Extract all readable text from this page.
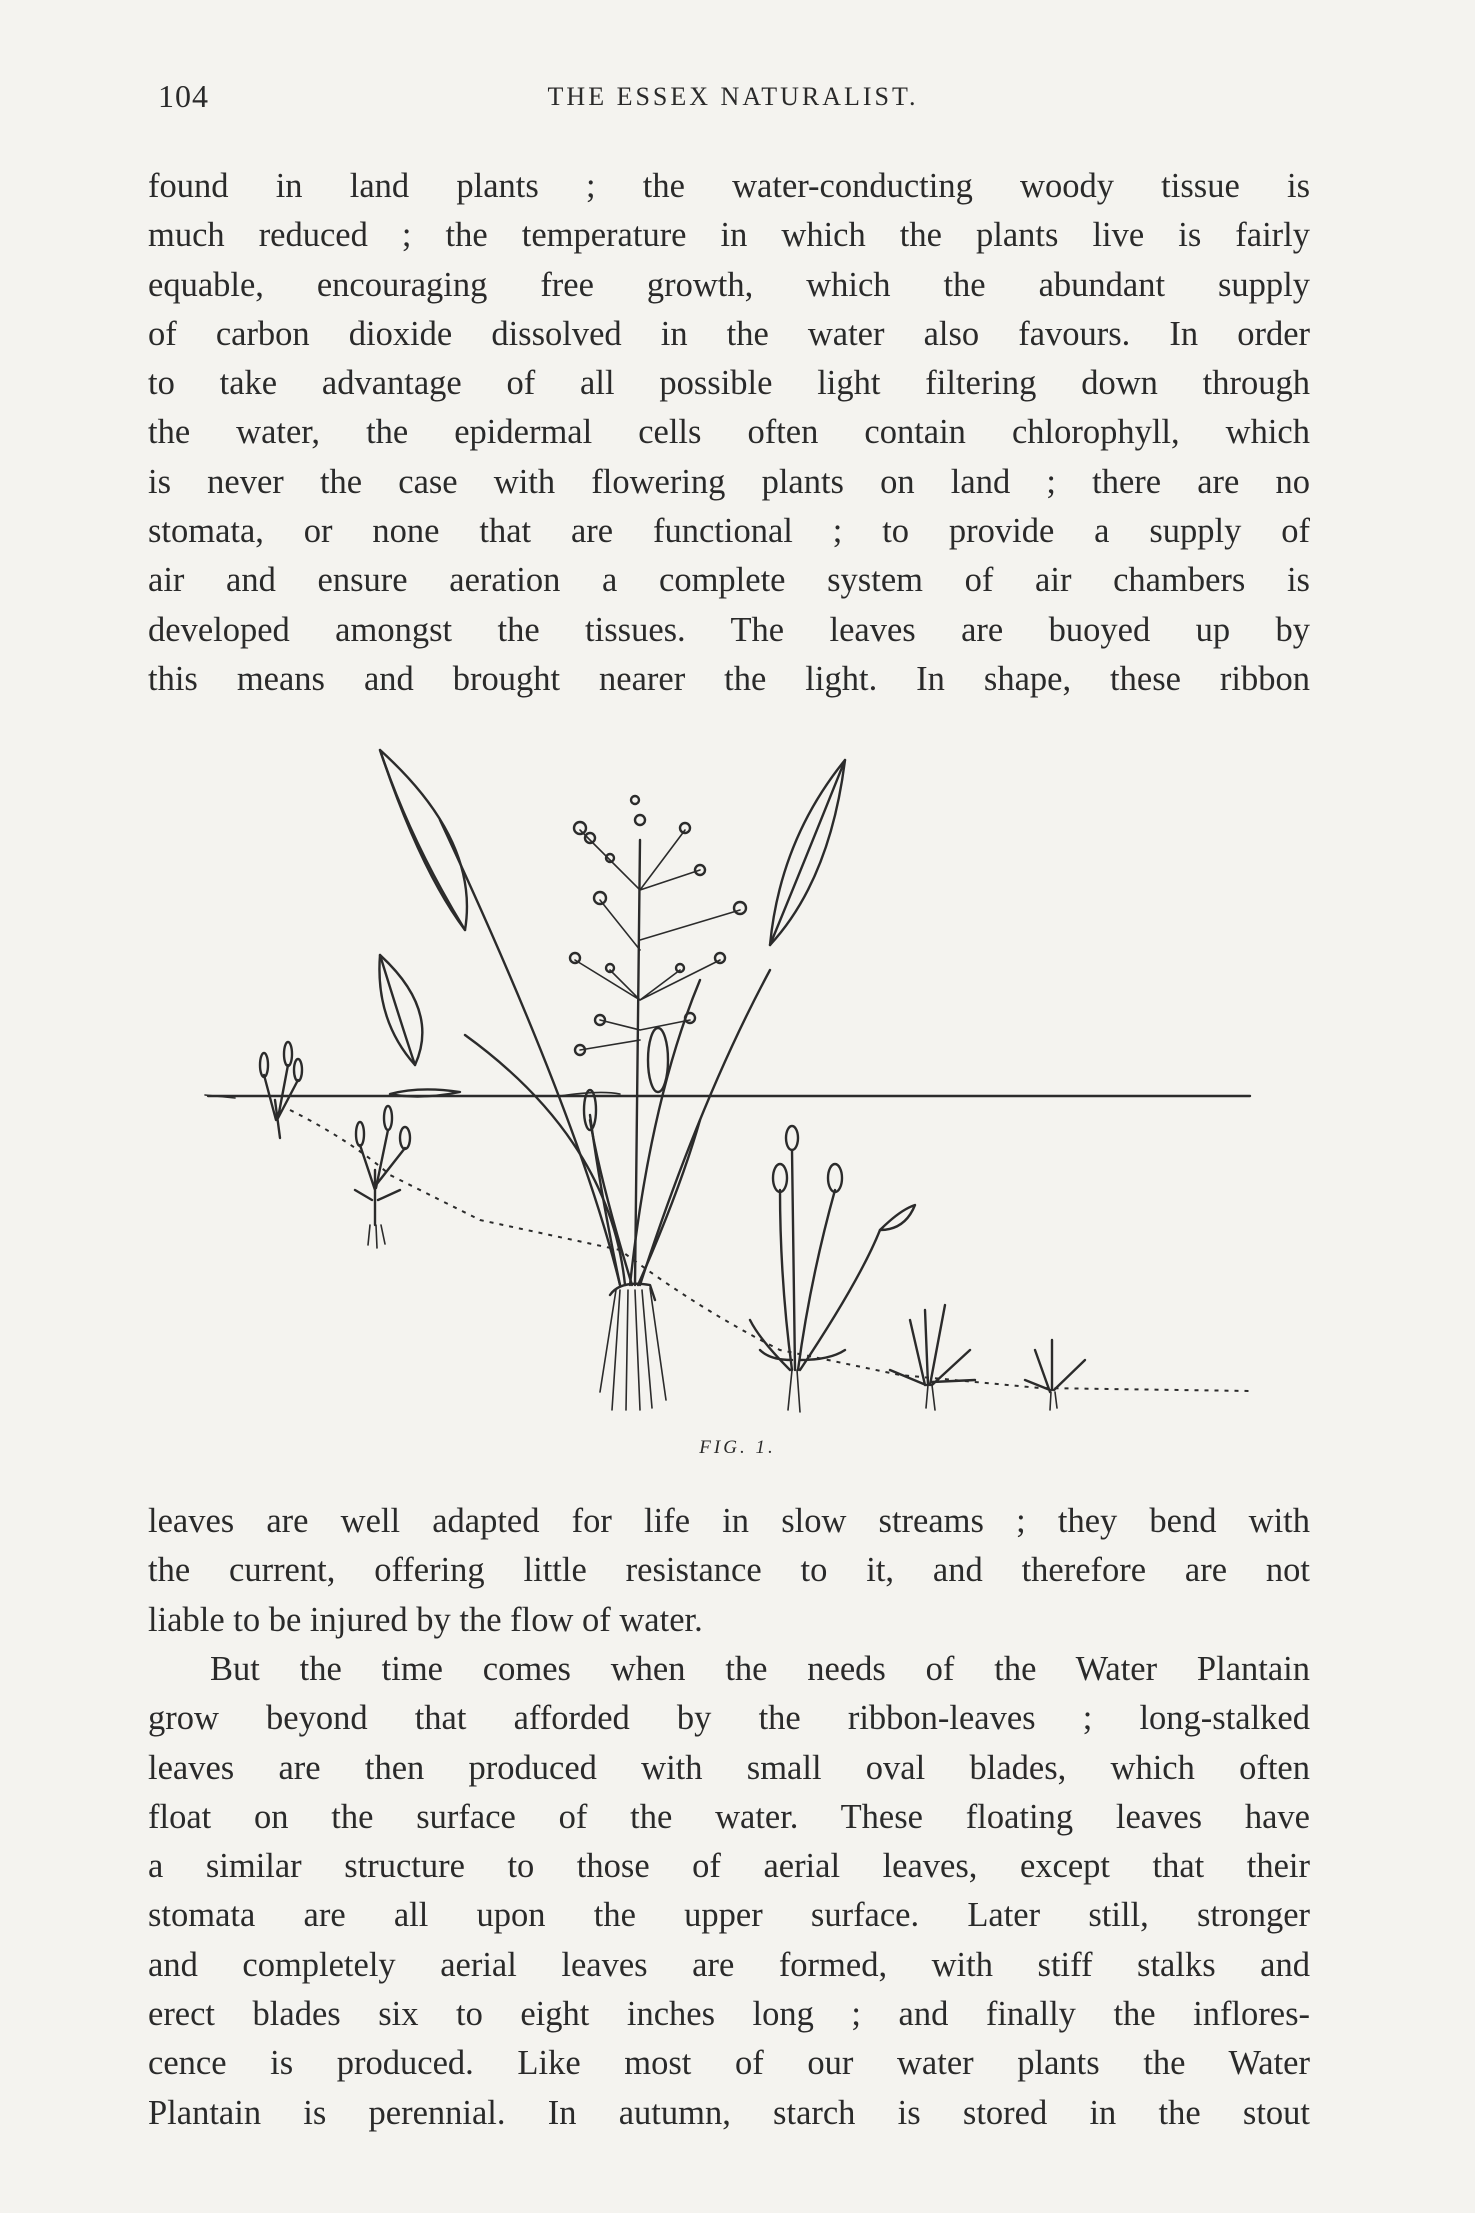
104	THE ESSEX NATURALIST.
found in land plants ; the water-conducting woody tissue is
much reduced ; the temperature in which the plants live is fairly
equable, encouraging free growth, which the abundant supply
of carbon dioxide dissolved in the water also favours. In order
to take advantage of all possible light filtering down through
the water, the epidermal cells often contain chlorophyll, which
is never the case with flowering plants on land ; there are no
stomata, or none that are functional ; to provide a supply of
air and ensure aeration a complete system of air chambers is
developed amongst the tissues. The leaves are buoyed up by
this means and brought nearer the light. In shape, these ribbon
FIG. 1.
leaves are well adapted for life in slow streams ; they bend with
the current, offering little resistance to it, and therefore are not
liable to be injured by the flow of water.
But the time comes when the needs of the Water Plantain
grow beyond that afforded by the ribbon-leaves ; long-stalked
leaves are then produced with small oval blades, which often
float on the surface of the water. These floating leaves have
a similar structure to those of aerial leaves, except that their
stomata are all upon the upper surface. Later still, stronger
and completely aerial leaves are formed, with stiff stalks and
erect blades six to eight inches long ; and finally the inflores-
cence is produced. Like most of our water plants the Water
Plantain is perennial. In autumn, starch is stored in the stout
